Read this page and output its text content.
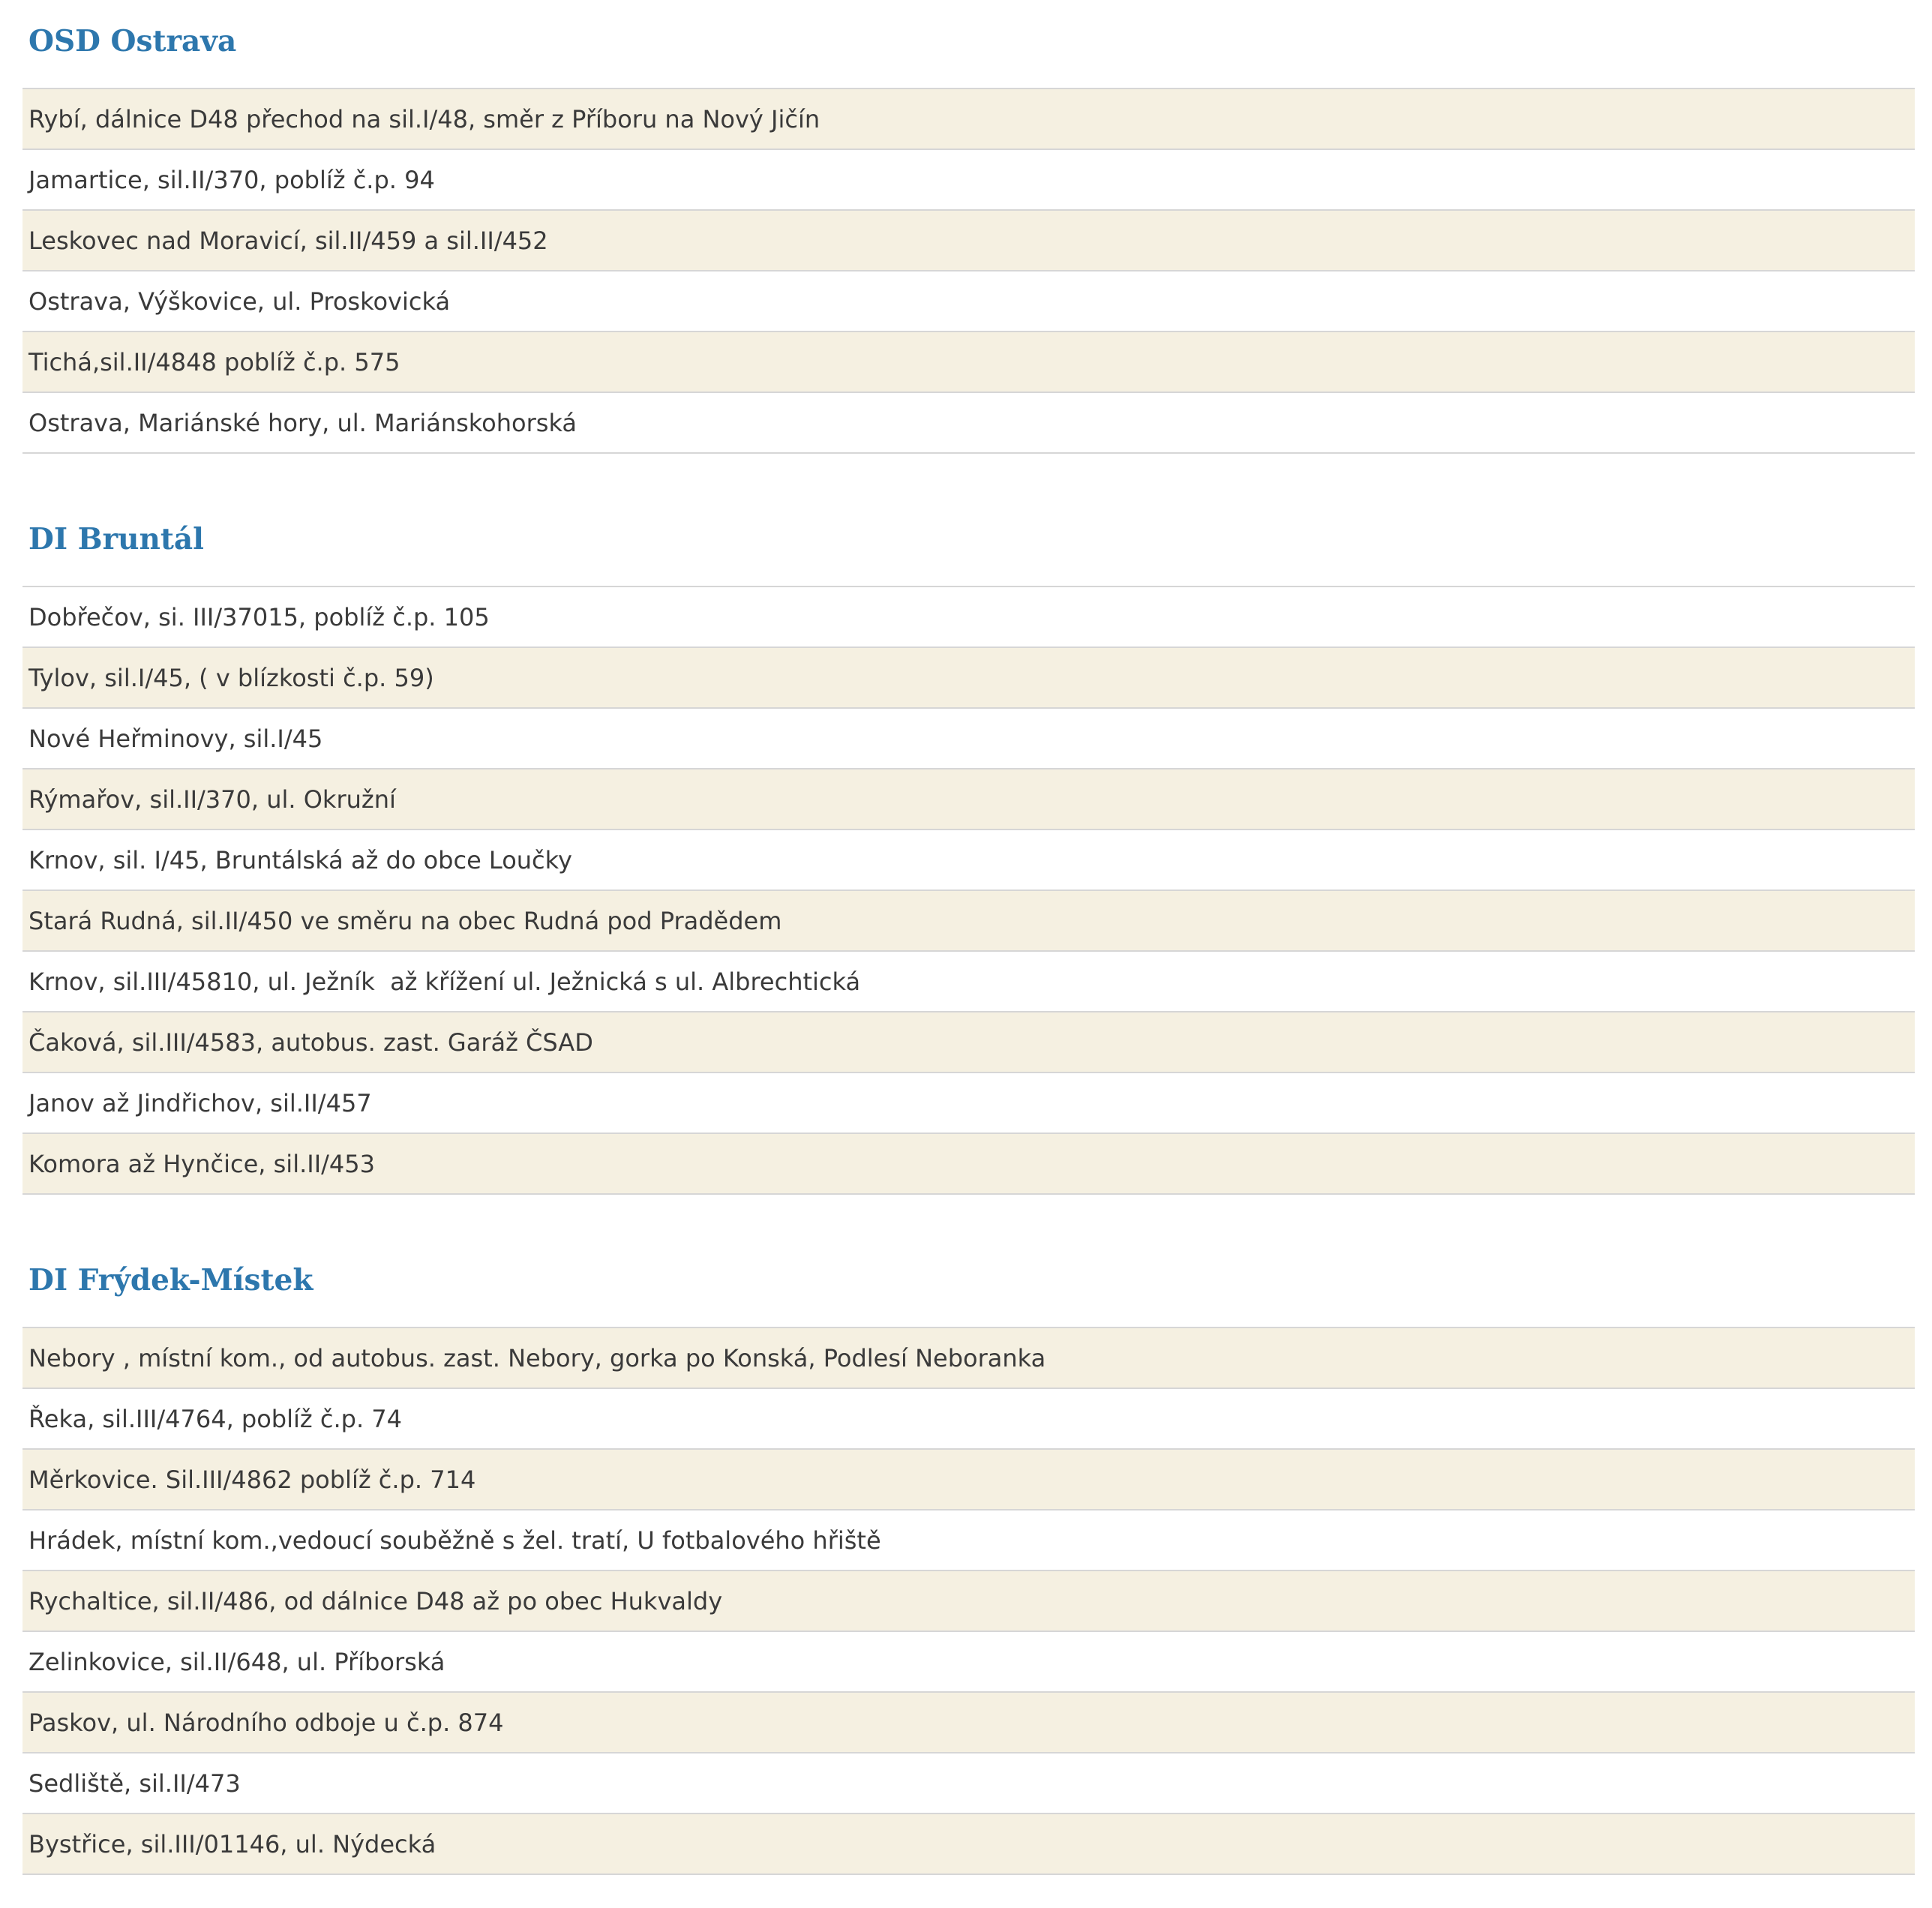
OSD Ostrava
Rybí, dálnice D48 přechod na sil.I/48, směr z Příboru na Nový Jičín
Jamartice, sil.II/370, poblíž č.p. 94
Leskovec nad Moravicí, sil.II/459 a sil.II/452
Ostrava, Výškovice, ul. Proskovická
Tichá,sil.II/4848 poblíž č.p. 575
Ostrava, Mariánské hory, ul. Mariánskohorská
DI Bruntál
Dobřečov, si. III/37015, poblíž č.p. 105
Tylov, sil.I/45, ( v blízkosti č.p. 59)
Nové Heřminovy, sil.I/45
Rýmařov, sil.II/370, ul. Okružní
Krnov, sil. I/45, Bruntálská až do obce Loučky
Stará Rudná, sil.II/450 ve směru na obec Rudná pod Pradědem
Krnov, sil.III/45810, ul. Ježník  až křížení ul. Ježnická s ul. Albrechtická
Čaková, sil.III/4583, autobus. zast. Garáž ČSAD
Janov až Jindřichov, sil.II/457
Komora až Hynčice, sil.II/453
DI Frýdek-Místek
Nebory , místní kom., od autobus. zast. Nebory, gorka po Konská, Podlesí Neboranka
Řeka, sil.III/4764, poblíž č.p. 74
Měrkovice. Sil.III/4862 poblíž č.p. 714
Hrádek, místní kom.,vedoucí souběžně s žel. tratí, U fotbalového hřiště
Rychaltice, sil.II/486, od dálnice D48 až po obec Hukvaldy
Zelinkovice, sil.II/648, ul. Příborská
Paskov, ul. Národního odboje u č.p. 874
Sedliště, sil.II/473
Bystřice, sil.III/01146, ul. Nýdecká
